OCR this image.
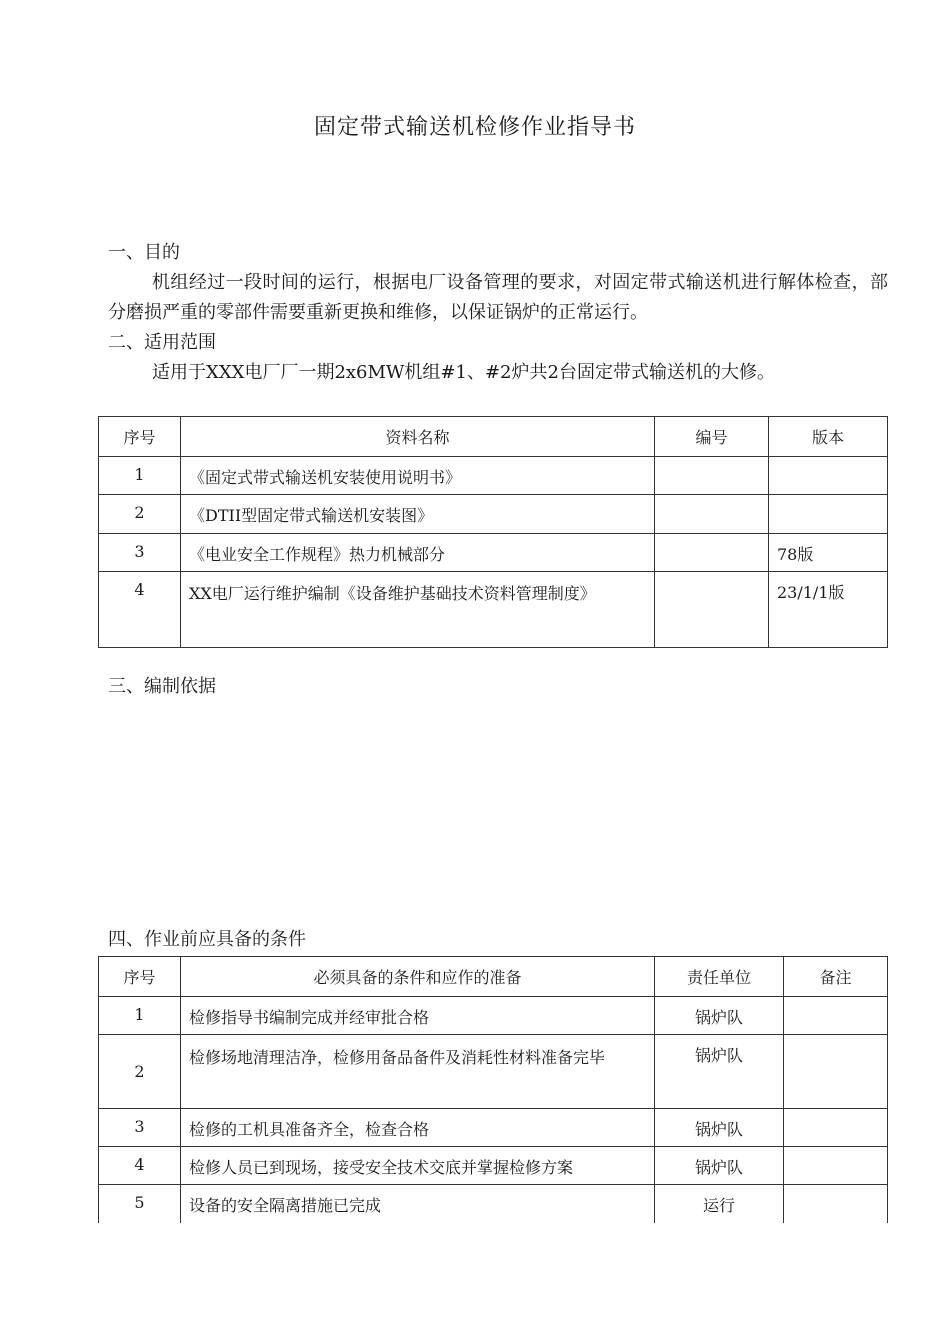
固定带式输送机检修作业指导书
一、目的
机组经过一段时间的运行，根据电厂设备管理的要求，对固定带式输送机进行解体检查，部分磨损严重的零部件需要重新更换和维修，以保证锅炉的正常运行。
二、适用范围
适用于XXX电厂厂一期2x6MW机组#1、#2炉共2台固定带式输送机的大修。
序号	资料名称	编号	版本
1	《固定式带式输送机安装使用说明书》		
2	《DTII型固定带式输送机安装图》		
3	《电业安全工作规程》热力机械部分		78版
4	XX电厂运行维护编制《设备维护基础技术资料管理制度》		23/1/1版
三、编制依据
四、作业前应具备的条件
序号	必须具备的条件和应作的准备	责任单位	备注
1	检修指导书编制完成并经审批合格	锅炉队	
2	检修场地清理洁净，检修用备品备件及消耗性材料准备完毕	锅炉队	
3	检修的工机具准备齐全，检查合格	锅炉队	
4	检修人员已到现场，接受安全技术交底并掌握检修方案	锅炉队	
5	设备的安全隔离措施已完成	运行	
